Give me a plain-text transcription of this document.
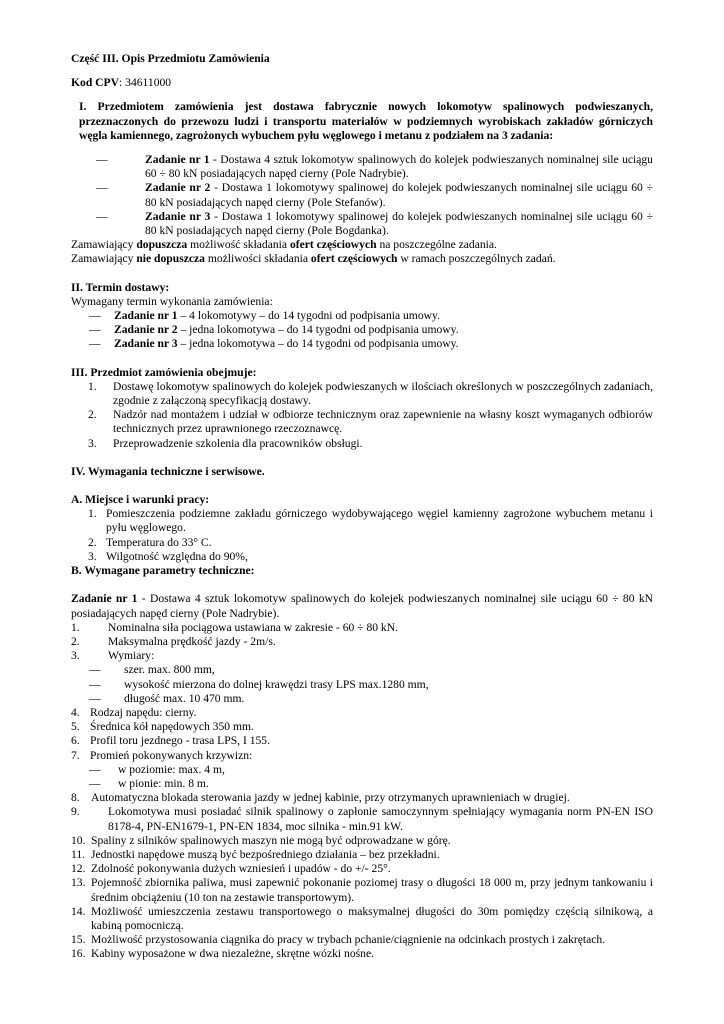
Część III. Opis Przedmiotu Zamówienia

Kod CPV: 34611000

I. Przedmiotem zamówienia jest dostawa fabrycznie nowych lokomotyw spalinowych podwieszanych,
przeznaczonych do przewozu ludzi i transportu materiałów w podziemnych wyrobiskach zakładów górniczych węgla kamiennego, zagrożonych wybuchem pyłu węglowego i metanu z podziałem na 3 zadania:
—	Zadanie nr 1 - Dostawa 4 sztuk lokomotyw spalinowych do kolejek podwieszanych nominalnej sile uciągu 60 ÷ 80 kN posiadających napęd cierny (Pole Nadrybie).
—	Zadanie nr 2 - Dostawa 1 lokomotywy spalinowej do kolejek podwieszanych nominalnej sile uciągu 60 ÷ 80 kN posiadających napęd cierny (Pole Stefanów).
—	Zadanie nr 3 - Dostawa 1 lokomotywy spalinowej do kolejek podwieszanych nominalnej sile uciągu 60 ÷ 80 kN posiadających napęd cierny (Pole Bogdanka).

Zamawiający dopuszcza możliwość składania ofert częściowych na poszczególne zadania.

Zamawiający nie dopuszcza możliwości składania ofert częściowych w ramach poszczególnych zadań.

II. Termin dostawy:

Wymagany termin wykonania zamówienia:

—	Zadanie nr 1 – 4 lokomotywy – do 14 tygodni od podpisania umowy.
—	Zadanie nr 2 – jedna lokomotywa – do 14 tygodni od podpisania umowy.
—	Zadanie nr 3 – jedna lokomotywa – do 14 tygodni od podpisania umowy.

III. Przedmiot zamówienia obejmuje:

1.	Dostawę lokomotyw spalinowych do kolejek podwieszanych w ilościach określonych w poszczególnych zadaniach, zgodnie z załączoną specyfikacją dostawy.
2.	Nadzór nad montażem i udział w odbiorze technicznym oraz zapewnienie na własny koszt wymaganych odbiorów technicznych przez uprawnionego rzeczoznawcę.
3.	Przeprowadzenie szkolenia dla pracowników obsługi.

IV. Wymagania techniczne i serwisowe.

A. Miejsce i warunki pracy:

1. Pomieszczenia podziemne zakładu górniczego wydobywającego węgiel kamienny zagrożone wybuchem metanu i pyłu węglowego.
2. Temperatura do 33° C.
3. Wilgotność względna do 90%,

B. Wymagane parametry techniczne:

Zadanie nr 1 - Dostawa 4 sztuk lokomotyw spalinowych do kolejek podwieszanych nominalnej sile uciągu 60 ÷ 80 kN posiadających napęd cierny (Pole Nadrybie).

1.	Nominalna siła pociągowa ustawiana w zakresie - 60 ÷ 80 kN.
2.	Maksymalna prędkość jazdy - 2m/s.
3.	Wymiary:
—	szer. max. 800 mm,
—	wysokość mierzona do dolnej krawędzi trasy LPS max.1280 mm,
—	długość max. 10 470 mm.
4. Rodzaj napędu: cierny.
5. Średnica kół napędowych 350 mm.
6. Profil toru jezdnego - trasa LPS, I 155.
7. Promień pokonywanych krzywizn:
—	w poziomie: max. 4 m,
—	w pionie: min. 8 m.
8. Automatyczna blokada sterowania jazdy w jednej kabinie, przy otrzymanych uprawnieniach w drugiej.
9.	Lokomotywa musi posiadać silnik spalinowy o zapłonie samoczynnym spełniający wymagania norm PN-EN ISO 8178-4, PN-EN1679-1, PN-EN 1834, moc silnika - min.91 kW.
10. Spaliny z silników spalinowych maszyn nie mogą być odprowadzane w górę.
11. Jednostki napędowe muszą być bezpośredniego działania – bez przekładni.
12. Zdolność pokonywania dużych wzniesień i upadów - do +/- 25°.
13. Pojemność zbiornika paliwa, musi zapewnić pokonanie poziomej trasy o długości 18 000 m, przy jednym tankowaniu i średnim obciążeniu (10 ton na zestawie transportowym).
14. Możliwość umieszczenia zestawu transportowego o maksymalnej długości do 30m pomiędzy częścią silnikową, a kabiną pomocniczą.
15. Możliwość przystosowania ciągnika do pracy w trybach pchanie/ciągnienie na odcinkach prostych i zakrętach.
16. Kabiny wyposażone w dwa niezależne, skrętne wózki nośne.
